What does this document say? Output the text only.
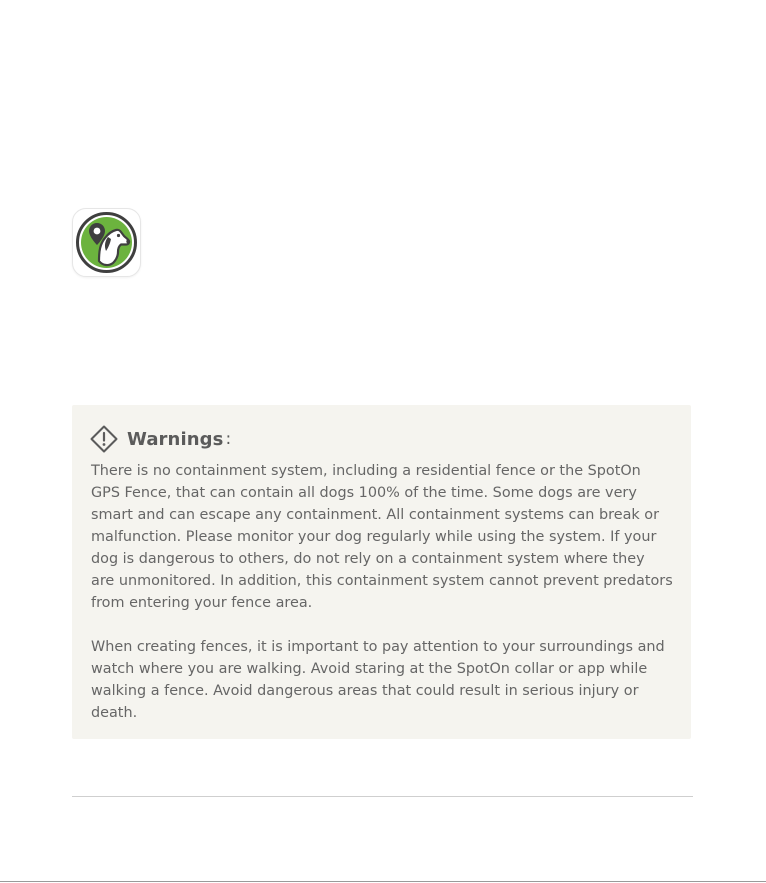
Warnings :

There is no containment system, including a residential fence or the SpotOn
GPS Fence, that can contain all dogs 100% of the time. Some dogs are very
smart and can escape any containment. All containment systems can break or
malfunction. Please monitor your dog regularly while using the system. If your
dog is dangerous to others, do not rely on a containment system where they
are unmonitored. In addition, this containment system cannot prevent predators
from entering your fence area.

When creating fences, it is important to pay attention to your surroundings and
watch where you are walking. Avoid staring at the SpotOn collar or app while
walking a fence. Avoid dangerous areas that could result in serious injury or
death.
